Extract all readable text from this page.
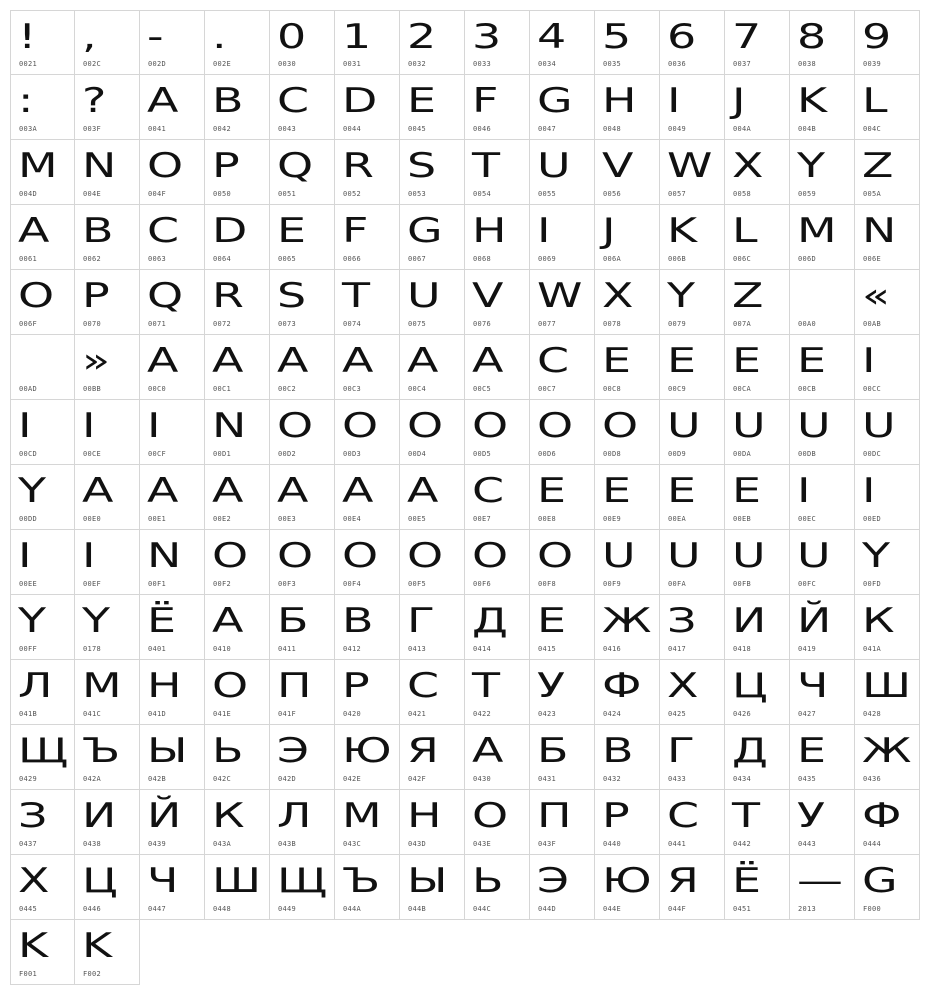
!
0021
,
002C
-
002D
.
002E
0
0030
1
0031
2
0032
3
0033
4
0034
5
0035
6
0036
7
0037
8
0038
9
0039
:
003A
?
003F
A
0041
B
0042
C
0043
D
0044
E
0045
F
0046
G
0047
H
0048
I
0049
J
004A
K
004B
L
004C
M
004D
N
004E
O
004F
P
0050
Q
0051
R
0052
S
0053
T
0054
U
0055
V
0056
W
0057
X
0058
Y
0059
Z
005A
A
0061
B
0062
C
0063
D
0064
E
0065
F
0066
G
0067
H
0068
I
0069
J
006A
K
006B
L
006C
M
006D
N
006E
O
006F
P
0070
Q
0071
R
0072
S
0073
T
0074
U
0075
V
0076
W
0077
X
0078
Y
0079
Z
007A	00A0
«
00AB
00AD
»
00BB
A
00C0
A
00C1
A
00C2
A
00C3
A
00C4
A
00C5
C
00C7
E
00C8
E
00C9
E
00CA
E
00CB
I
00CC
I
00CD
I
00CE
I
00CF
N
00D1
O
00D2
O
00D3
O
00D4
O
00D5
O
00D6
O
00D8
U
00D9
U
00DA
U
00DB
U
00DC
Y
00DD
A
00E0
A
00E1
A
00E2
A
00E3
A
00E4
A
00E5
C
00E7
E
00E8
E
00E9
E
00EA
E
00EB
I
00EC
I
00ED
I
00EE
I
00EF
N
00F1
O
00F2
O
00F3
O
00F4
O
00F5
O
00F6
O
00F8
U
00F9
U
00FA
U
00FB
U
00FC
Y
00FD
Y
00FF
Y
0178
Ё
0401
А
0410
Б
0411
В
0412
Г
0413
Д
0414
Е
0415
Ж
0416
З
0417
И
0418
Й
0419
К
041A
Л
041B
М
041C
Н
041D
О
041E
П
041F
Р
0420
С
0421
Т
0422
У
0423
Ф
0424
Х
0425
Ц
0426
Ч
0427
Ш
0428
Щ
0429
Ъ
042A
Ы
042B
Ь
042C
Э
042D
Ю
042E
Я
042F
А
0430
Б
0431
В
0432
Г
0433
Д
0434
Е
0435
Ж
0436
З
0437
И
0438
Й
0439
К
043A
Л
043B
М
043C
Н
043D
О
043E
П
043F
Р
0440
С
0441
Т
0442
У
0443
Ф
0444
Х
0445
Ц
0446
Ч
0447
Ш
0448
Щ
0449
Ъ
044A
Ы
044B
Ь
044C
Э
044D
Ю
044E
Я
044F
Ё
0451
—
2013
G
F000
K
F001
K
F002
